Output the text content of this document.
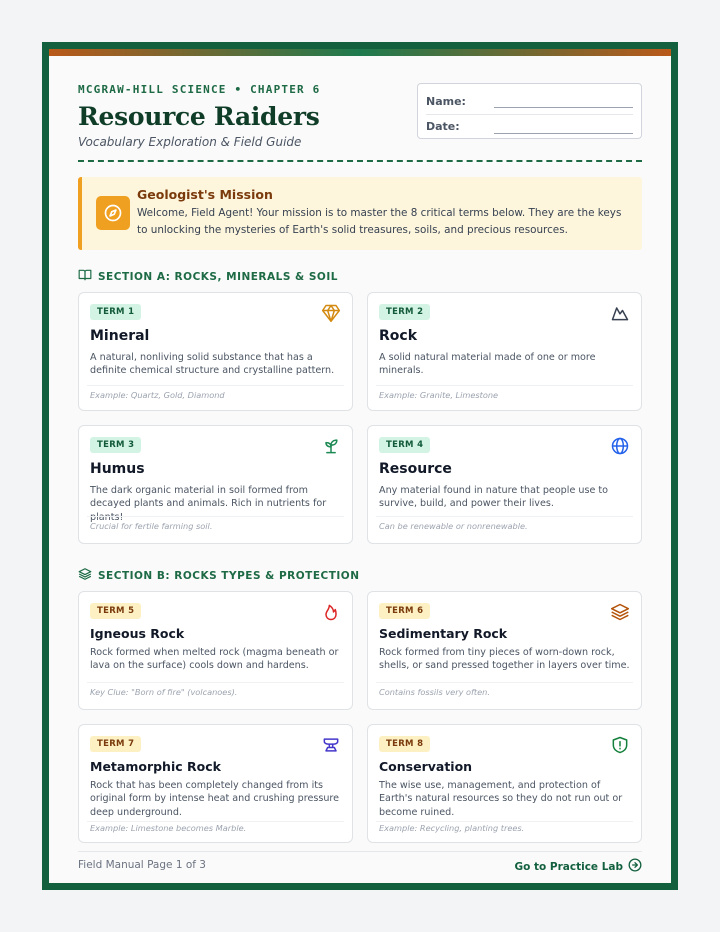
MCGRAW-HILL SCIENCE • CHAPTER 6
Resource Raiders
Vocabulary Exploration & Field Guide
Name:
Date:
Geologist's Mission
Welcome, Field Agent! Your mission is to master the 8 critical terms below. They are the keys to unlocking the mysteries of Earth's solid treasures, soils, and precious resources.
SECTION A: ROCKS, MINERALS & SOIL
TERM 1
Mineral
A natural, nonliving solid substance that has a definite chemical structure and crystalline pattern.
Example: Quartz, Gold, Diamond
TERM 2
Rock
A solid natural material made of one or more minerals.
Example: Granite, Limestone
TERM 3
Humus
The dark organic material in soil formed from decayed plants and animals. Rich in nutrients for plants!
Crucial for fertile farming soil.
TERM 4
Resource
Any material found in nature that people use to survive, build, and power their lives.
Can be renewable or nonrenewable.
SECTION B: ROCKS TYPES & PROTECTION
TERM 5
Igneous Rock
Rock formed when melted rock (magma beneath or lava on the surface) cools down and hardens.
Key Clue: "Born of fire" (volcanoes).
TERM 6
Sedimentary Rock
Rock formed from tiny pieces of worn-down rock, shells, or sand pressed together in layers over time.
Contains fossils very often.
TERM 7
Metamorphic Rock
Rock that has been completely changed from its original form by intense heat and crushing pressure deep underground.
Example: Limestone becomes Marble.
TERM 8
Conservation
The wise use, management, and protection of Earth's natural resources so they do not run out or become ruined.
Example: Recycling, planting trees.
Field Manual Page 1 of 3	Go to Practice Lab
